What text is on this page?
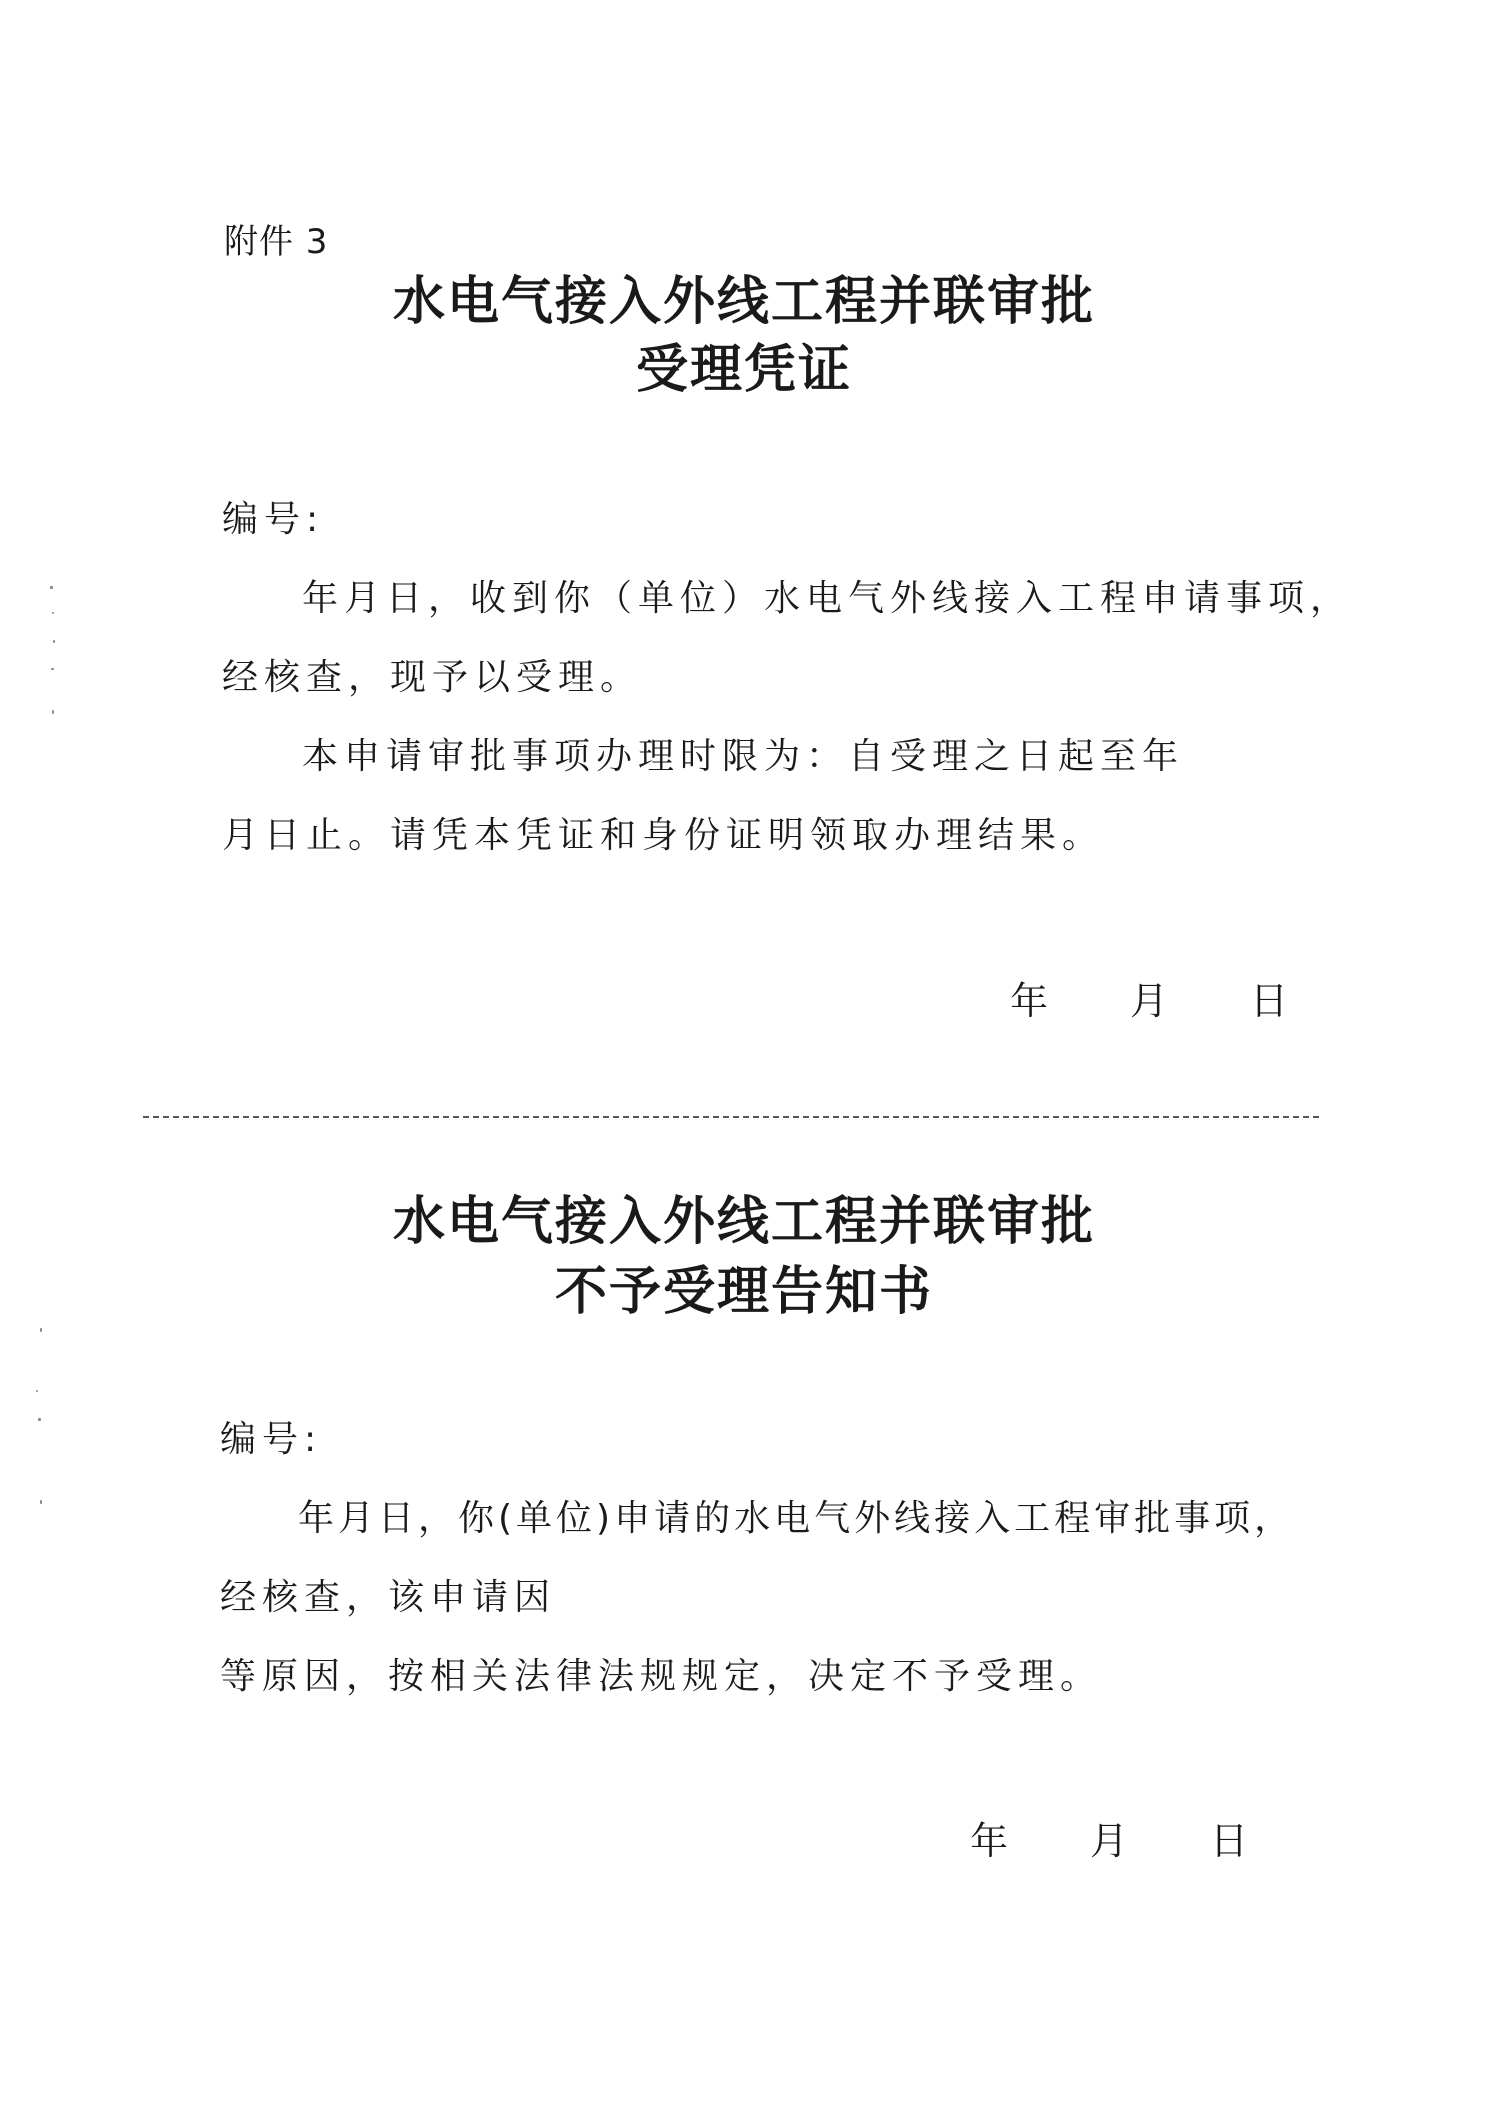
附件 3
水电气接入外线工程并联审批
受理凭证
编号:
年月日，收到你（单位）水电气外线接入工程申请事项，
经核查，现予以受理。
本申请审批事项办理时限为：自受理之日起至年
月日止。请凭本凭证和身份证明领取办理结果。
年 月 日
水电气接入外线工程并联审批
不予受理告知书
编号:
年月日，你(单位)申请的水电气外线接入工程审批事项，
经核查，该申请因
等原因，按相关法律法规规定，决定不予受理。
年 月 日
